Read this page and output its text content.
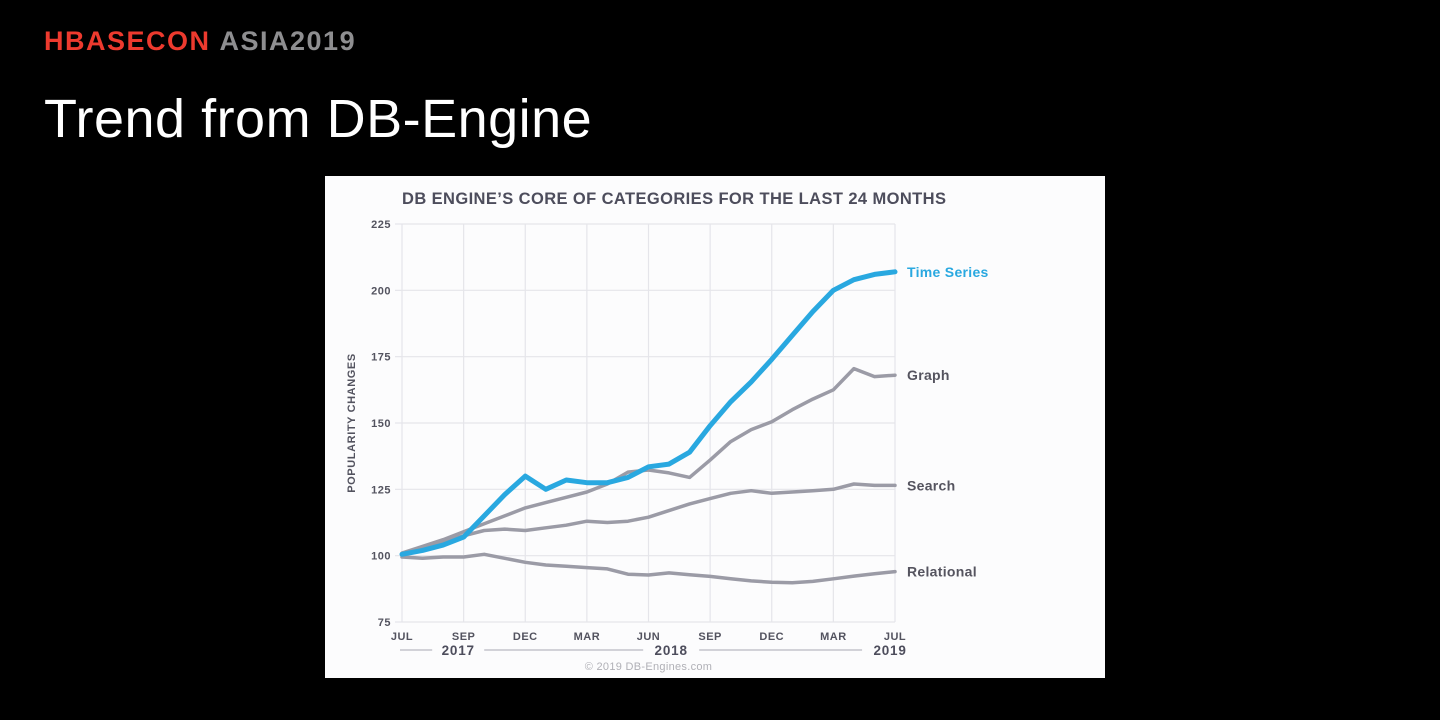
HBASECON ASIA2019
Trend from DB-Engine
DB ENGINE’S CORE OF CATEGORIES FOR THE LAST 24 MONTHS
POPULARITY CHANGES
75
100
125
150
175
200
225
JUL	SEP	DEC	MAR	JUN	SEP	DEC	MAR	JUL
2017	2018	2019
Time Series
Graph
Search
Relational
© 2019 DB-Engines.com
